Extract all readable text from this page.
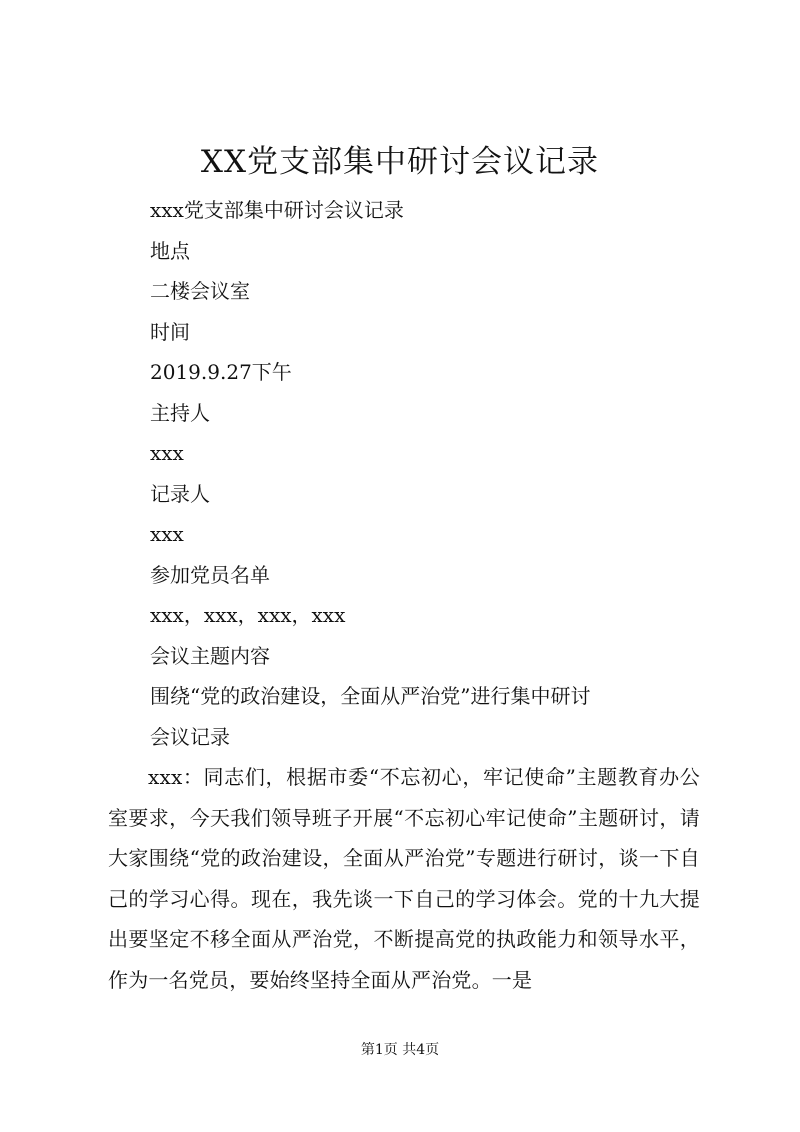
XX党支部集中研讨会议记录
xxx党支部集中研讨会议记录
地点
二楼会议室
时间
2019.9.27下午
主持人
xxx
记录人
xxx
参加党员名单
xxx，xxx，xxx，xxx
会议主题内容
围绕“党的政治建设，全面从严治党”进行集中研讨
会议记录
xxx：同志们，根据市委“不忘初心，牢记使命”主题教育办公室要求，今天我们领导班子开展“不忘初心牢记使命”主题研讨，请大家围绕“党的政治建设，全面从严治党”专题进行研讨，谈一下自己的学习心得。现在，我先谈一下自己的学习体会。党的十九大提出要坚定不移全面从严治党，不断提高党的执政能力和领导水平，作为一名党员，要始终坚持全面从严治党。一是
第1页 共4页
